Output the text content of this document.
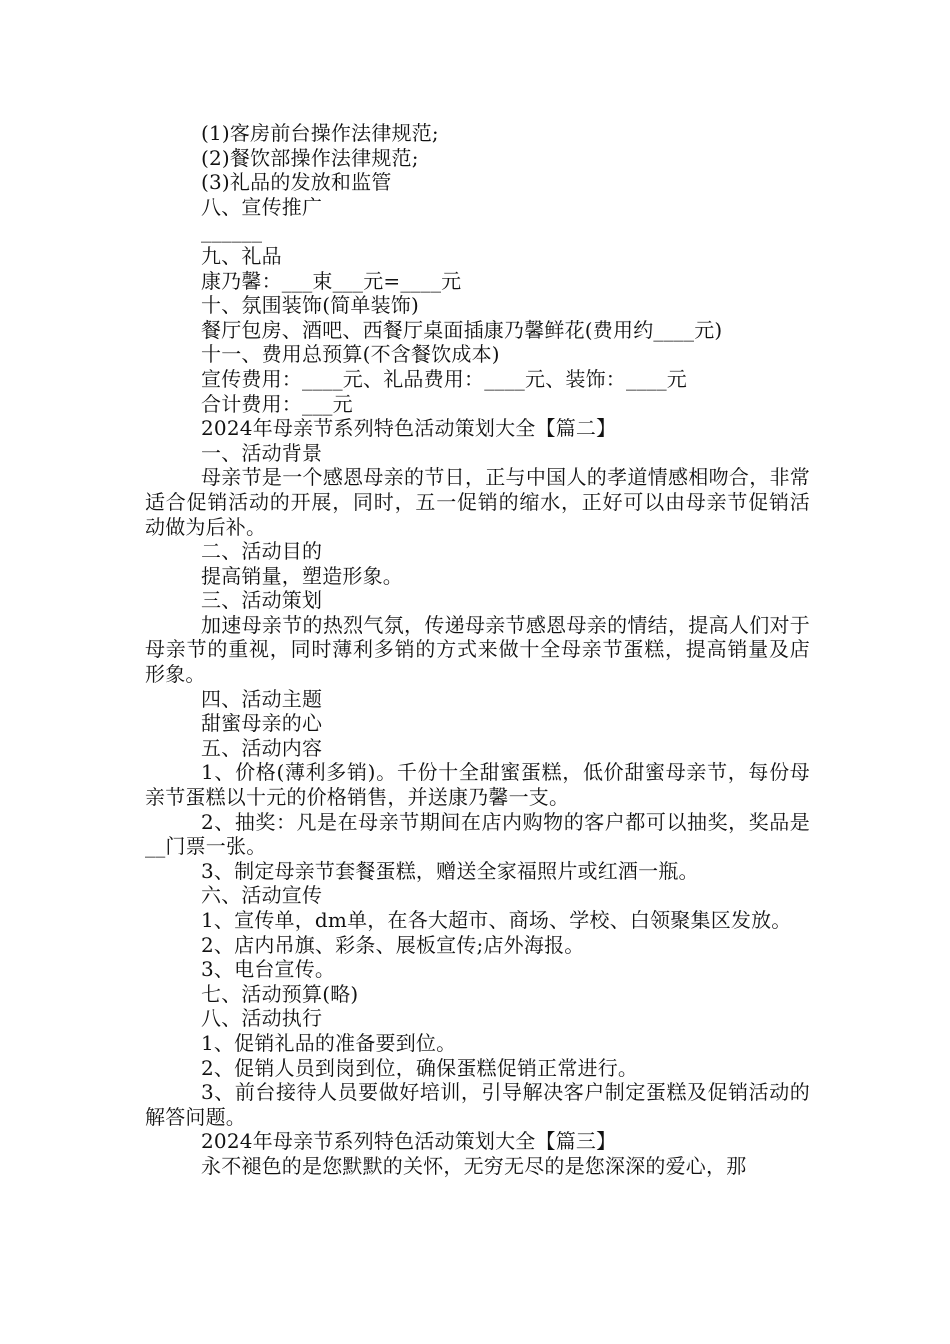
(1)客房前台操作法律规范;
(2)餐饮部操作法律规范;
(3)礼品的发放和监管
八、宣传推广
______
九、礼品
康乃馨：___束___元=____元
十、氛围装饰(简单装饰)
餐厅包房、酒吧、西餐厅桌面插康乃馨鲜花(费用约____元)
十一、费用总预算(不含餐饮成本)
宣传费用：____元、礼品费用：____元、装饰：____元
合计费用：___元
2024年母亲节系列特色活动策划大全【篇二】
一、活动背景
母亲节是一个感恩母亲的节日，正与中国人的孝道情感相吻合，非常适合促销活动的开展，同时，五一促销的缩水，正好可以由母亲节促销活动做为后补。
二、活动目的
提高销量，塑造形象。
三、活动策划
加速母亲节的热烈气氛，传递母亲节感恩母亲的情结，提高人们对于母亲节的重视，同时薄利多销的方式来做十全母亲节蛋糕，提高销量及店形象。
四、活动主题
甜蜜母亲的心
五、活动内容
1、价格(薄利多销)。千份十全甜蜜蛋糕，低价甜蜜母亲节，每份母亲节蛋糕以十元的价格销售，并送康乃馨一支。
2、抽奖：凡是在母亲节期间在店内购物的客户都可以抽奖，奖品是__门票一张。
3、制定母亲节套餐蛋糕，赠送全家福照片或红酒一瓶。
六、活动宣传
1、宣传单，dm单，在各大超市、商场、学校、白领聚集区发放。
2、店内吊旗、彩条、展板宣传;店外海报。
3、电台宣传。
七、活动预算(略)
八、活动执行
1、促销礼品的准备要到位。
2、促销人员到岗到位，确保蛋糕促销正常进行。
3、前台接待人员要做好培训，引导解决客户制定蛋糕及促销活动的解答问题。
2024年母亲节系列特色活动策划大全【篇三】
永不褪色的是您默默的关怀，无穷无尽的是您深深的爱心，那
